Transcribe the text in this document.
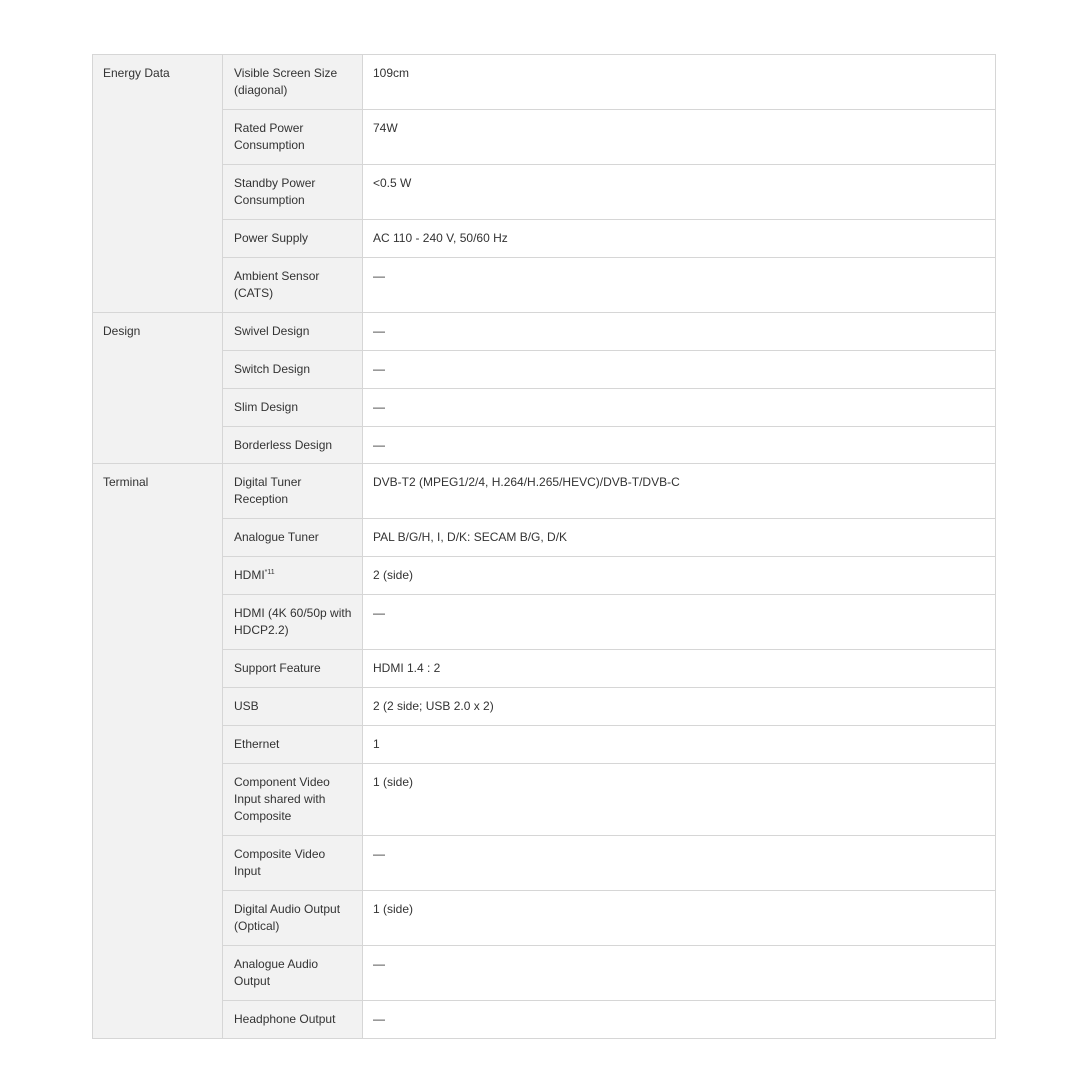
Energy Data	Visible Screen Size (diagonal)	109cm

	Rated Power Consumption	74W

	Standby Power Consumption	<0.5 W

	Power Supply	AC 110 - 240 V, 50/60 Hz

	Ambient Sensor (CATS)	—

Design	Swivel Design	—

	Switch Design	—

	Slim Design	—

	Borderless Design	—

Terminal	Digital Tuner Reception	DVB-T2 (MPEG1/2/4, H.264/H.265/HEVC)/DVB-T/DVB-C

	Analogue Tuner	PAL B/G/H, I, D/K: SECAM B/G, D/K

	HDMI$^{*11}$	2 (side)

	HDMI (4K 60/50p with HDCP2.2)	—

	Support Feature	HDMI 1.4 : 2

	USB	2 (2 side; USB 2.0 x 2)

	Ethernet	1

	Component Video Input shared with Composite	1 (side)

	Composite Video Input	—

	Digital Audio Output (Optical)	1 (side)

	Analogue Audio Output	—

	Headphone Output	—
